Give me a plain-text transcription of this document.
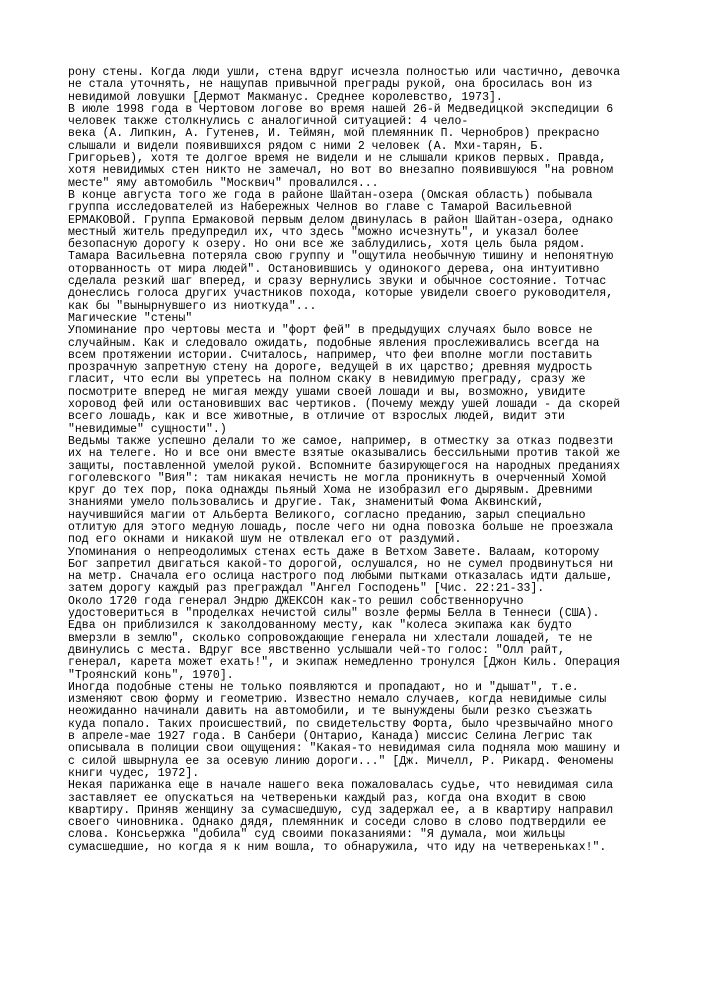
рону стены. Когда люди ушли, стена вдруг исчезла полностью или частично, девочка
не стала уточнять, не нащупав привычной преграды рукой, она бросилась вон из
невидимой ловушки [Дермот Макманус. Среднее королевство, 1973].
В июле 1998 года в Чертовом логове во время нашей 26-й Медведицкой экспедиции 6
человек также столкнулись с аналогичной ситуацией: 4 чело-
века (А. Липкин, А. Гутенев, И. Теймян, мой племянник П. Чернобров) прекрасно
слышали и видели появившихся рядом с ними 2 человек (А. Мхи-тарян, Б.
Григорьев), хотя те долгое время не видели и не слышали криков первых. Правда,
хотя невидимых стен никто не замечал, но вот во внезапно появившуюся "на ровном
месте" яму автомобиль "Москвич" провалился...
В конце августа того же года в районе Шайтан-озера (Омская область) побывала
группа исследователей из Набережных Челнов во главе с Тамарой Васильевной
ЕРМАКОВОЙ. Группа Ермаковой первым делом двинулась в район Шайтан-озера, однако
местный житель предупредил их, что здесь "можно исчезнуть", и указал более
безопасную дорогу к озеру. Но они все же заблудились, хотя цель была рядом.
Тамара Васильевна потеряла свою группу и "ощутила необычную тишину и непонятную
оторванность от мира людей". Остановившись у одинокого дерева, она интуитивно
сделала резкий шаг вперед, и сразу вернулись звуки и обычное состояние. Тотчас
донеслись голоса других участников похода, которые увидели своего руководителя,
как бы "вынырнувшего из ниоткуда"...
Магические "стены"
Упоминание про чертовы места и "форт фей" в предыдущих случаях было вовсе не
случайным. Как и следовало ожидать, подобные явления прослеживались всегда на
всем протяжении истории. Считалось, например, что феи вполне могли поставить
прозрачную запретную стену на дороге, ведущей в их царство; древняя мудрость
гласит, что если вы упретесь на полном скаку в невидимую преграду, сразу же
посмотрите вперед не мигая между ушами своей лошади и вы, возможно, увидите
хоровод фей или остановивших вас чертиков. (Почему между ушей лошади - да скорей
всего лошадь, как и все животные, в отличие от взрослых людей, видит эти
"невидимые" сущности".)
Ведьмы также успешно делали то же самое, например, в отместку за отказ подвезти
их на телеге. Но и все они вместе взятые оказывались бессильными против такой же
защиты, поставленной умелой рукой. Вспомните базирующегося на народных преданиях
гоголевского "Вия": там никакая нечисть не могла проникнуть в очерченный Хомой
круг до тех пор, пока однажды пьяный Хома не изобразил его дырявым. Древними
знаниями умело пользовались и другие. Так, знаменитый Фома Аквинский,
научившийся магии от Альберта Великого, согласно преданию, зарыл специально
отлитую для этого медную лошадь, после чего ни одна повозка больше не проезжала
под его окнами и никакой шум не отвлекал его от раздумий.
Упоминания о непреодолимых стенах есть даже в Ветхом Завете. Валаам, которому
Бог запретил двигаться какой-то дорогой, ослушался, но не сумел продвинуться ни
на метр. Сначала его ослица настрого под любыми пытками отказалась идти дальше,
затем дорогу каждый раз преграждал "Ангел Господень" [Чис. 22:21-33].
Около 1720 года генерал Эндрю ДЖЕКСОН как-то решил собственноручно
удостовериться в "проделках нечистой силы" возле фермы Белла в Теннеси (США).
Едва он приблизился к заколдованному месту, как "колеса экипажа как будто
вмерзли в землю", сколько сопровождающие генерала ни хлестали лошадей, те не
двинулись с места. Вдруг все явственно услышали чей-то голос: "Олл райт,
генерал, карета может ехать!", и экипаж немедленно тронулся [Джон Киль. Операция
"Троянский конь", 1970].
Иногда подобные стены не только появляются и пропадают, но и "дышат", т.е.
изменяют свою форму и геометрию. Известно немало случаев, когда невидимые силы
неожиданно начинали давить на автомобили, и те вынуждены были резко съезжать
куда попало. Таких происшествий, по свидетельству Форта, было чрезвычайно много
в апреле-мае 1927 года. В Санбери (Онтарио, Канада) миссис Селина Легрис так
описывала в полиции свои ощущения: "Какая-то невидимая сила подняла мою машину и
с силой швырнула ее за осевую линию дороги..." [Дж. Мичелл, Р. Рикард. Феномены
книги чудес, 1972].
Некая парижанка еще в начале нашего века пожаловалась судье, что невидимая сила
заставляет ее опускаться на четвереньки каждый раз, когда она входит в свою
квартиру. Приняв женщину за сумасшедшую, суд задержал ее, а в квартиру направил
своего чиновника. Однако дядя, племянник и соседи слово в слово подтвердили ее
слова. Консьержка "добила" суд своими показаниями: "Я думала, мои жильцы
сумасшедшие, но когда я к ним вошла, то обнаружила, что иду на четвереньках!".
